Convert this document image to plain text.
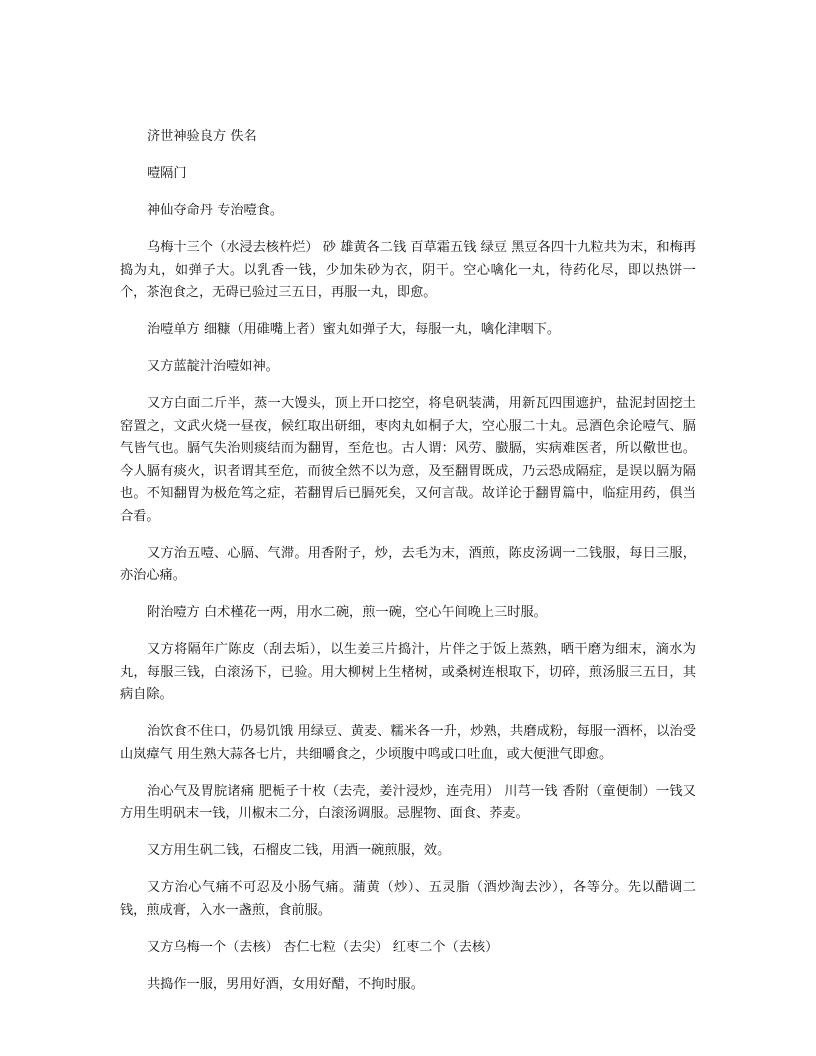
济世神验良方 佚名

噎隔门

神仙夺命丹 专治噎食。

乌梅十三个（水浸去核杵烂） 砂 雄黄各二钱 百草霜五钱 绿豆 黑豆各四十九粒共为末，和梅再捣为丸，如弹子大。以乳香一钱，少加朱砂为衣，阴干。空心噙化一丸，待药化尽，即以热饼一个，茶泡食之，无碍已验过三五日，再服一丸，即愈。

治噎单方 细糠（用碓嘴上者）蜜丸如弹子大，每服一丸，噙化津咽下。

又方蓝靛汁治噎如神。

又方白面二斤半，蒸一大馒头，顶上开口挖空，将皂矾装满，用新瓦四围遮护，盐泥封固挖土窑置之，文武火烧一昼夜，候红取出研细，枣肉丸如桐子大，空心服二十丸。忌酒色余论噎气、膈气皆气也。膈气失治则痰结而为翻胃，至危也。古人谓：风劳、臌膈，实病难医者，所以儆世也。今人膈有痰火，识者谓其至危，而彼全然不以为意，及至翻胃既成，乃云恐成隔症，是误以膈为隔也。不知翻胃为极危笃之症，若翻胃后已膈死矣，又何言哉。故详论于翻胃篇中，临症用药，俱当合看。

又方治五噎、心膈、气滞。用香附子，炒，去毛为末，酒煎，陈皮汤调一二钱服，每日三服，亦治心痛。

附治噎方 白术槿花一两，用水二碗，煎一碗，空心午间晚上三时服。

又方将隔年广陈皮（刮去垢），以生姜三片捣汁，片伴之于饭上蒸熟，晒干磨为细末，滴水为丸，每服三钱，白滚汤下，已验。用大柳树上生楮树，或桑树连根取下，切碎，煎汤服三五日，其病自除。

治饮食不住口，仍易饥饿 用绿豆、黄麦、糯米各一升，炒熟，共磨成粉，每服一酒杯，以治受山岚瘴气 用生熟大蒜各七片，共细嚼食之，少顷腹中鸣或口吐血，或大便泄气即愈。

治心气及胃脘诸痛 肥栀子十枚（去壳，姜汁浸炒，连壳用） 川芎一钱 香附（童便制）一钱又方用生明矾末一钱，川椒末二分，白滚汤调服。忌腥物、面食、荞麦。

又方用生矾二钱，石榴皮二钱，用酒一碗煎服，效。

又方治心气痛不可忍及小肠气痛。蒲黄（炒）、五灵脂（酒炒淘去沙），各等分。先以醋调二钱，煎成膏，入水一盏煎，食前服。

又方乌梅一个（去核） 杏仁七粒（去尖） 红枣二个（去核）

共捣作一服，男用好酒，女用好醋，不拘时服。
